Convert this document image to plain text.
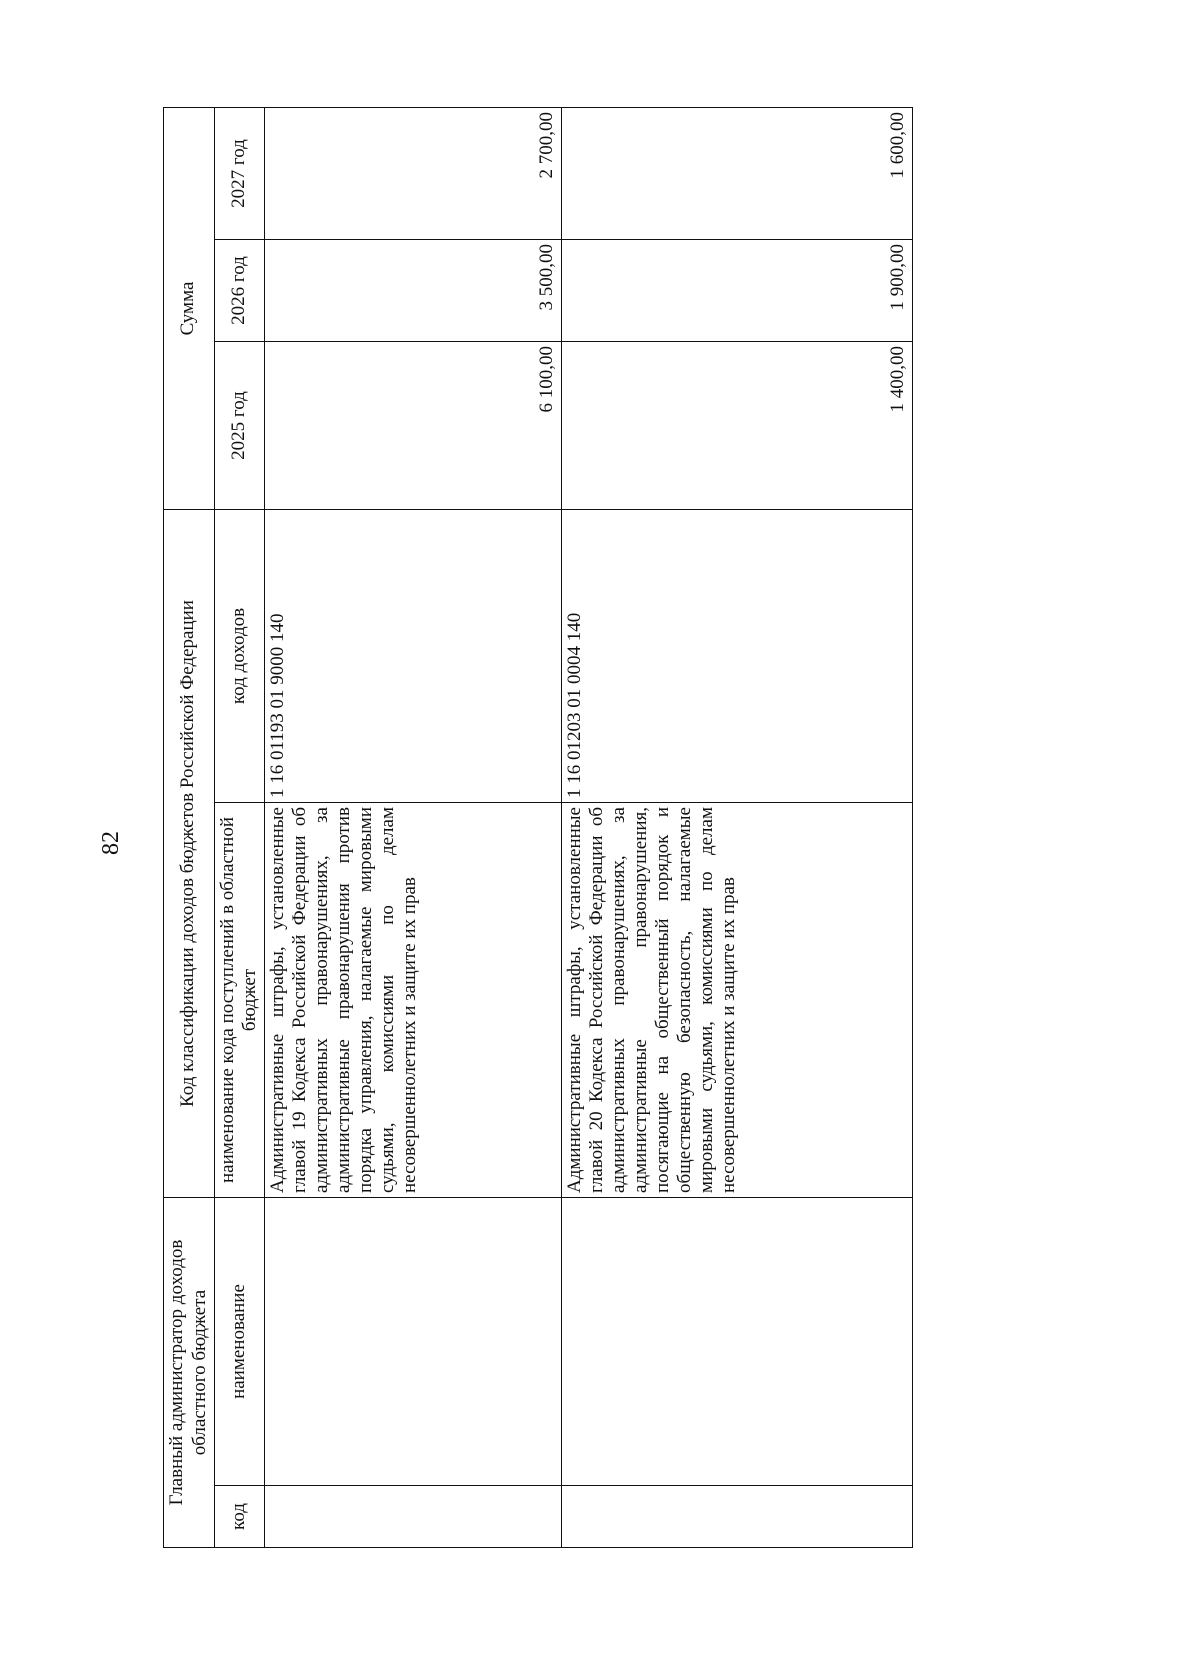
82
Главный администратор доходов областного бюджета		Код классификации доходов бюджетов Российской Федерации		Сумма		
код	наименование	наименование кода поступлений в областной бюджет	код доходов	2025 год	2026 год	2027 год
		Административные штрафы, установленные главой 19 Кодекса Российской Федерации об административных правонарушениях, за административные правонарушения против порядка управления, налагаемые мировыми судьями, комиссиями по делам несовершеннолетних и защите их прав	1 16 01193 01 9000 140	6 100,00	3 500,00	2 700,00
		Административные штрафы, установленные главой 20 Кодекса Российской Федерации об административных правонарушениях, за административные правонарушения, посягающие на общественный порядок и общественную безопасность, налагаемые мировыми судьями, комиссиями по делам несовершеннолетних и защите их прав	1 16 01203 01 0004 140	1 400,00	1 900,00	1 600,00
